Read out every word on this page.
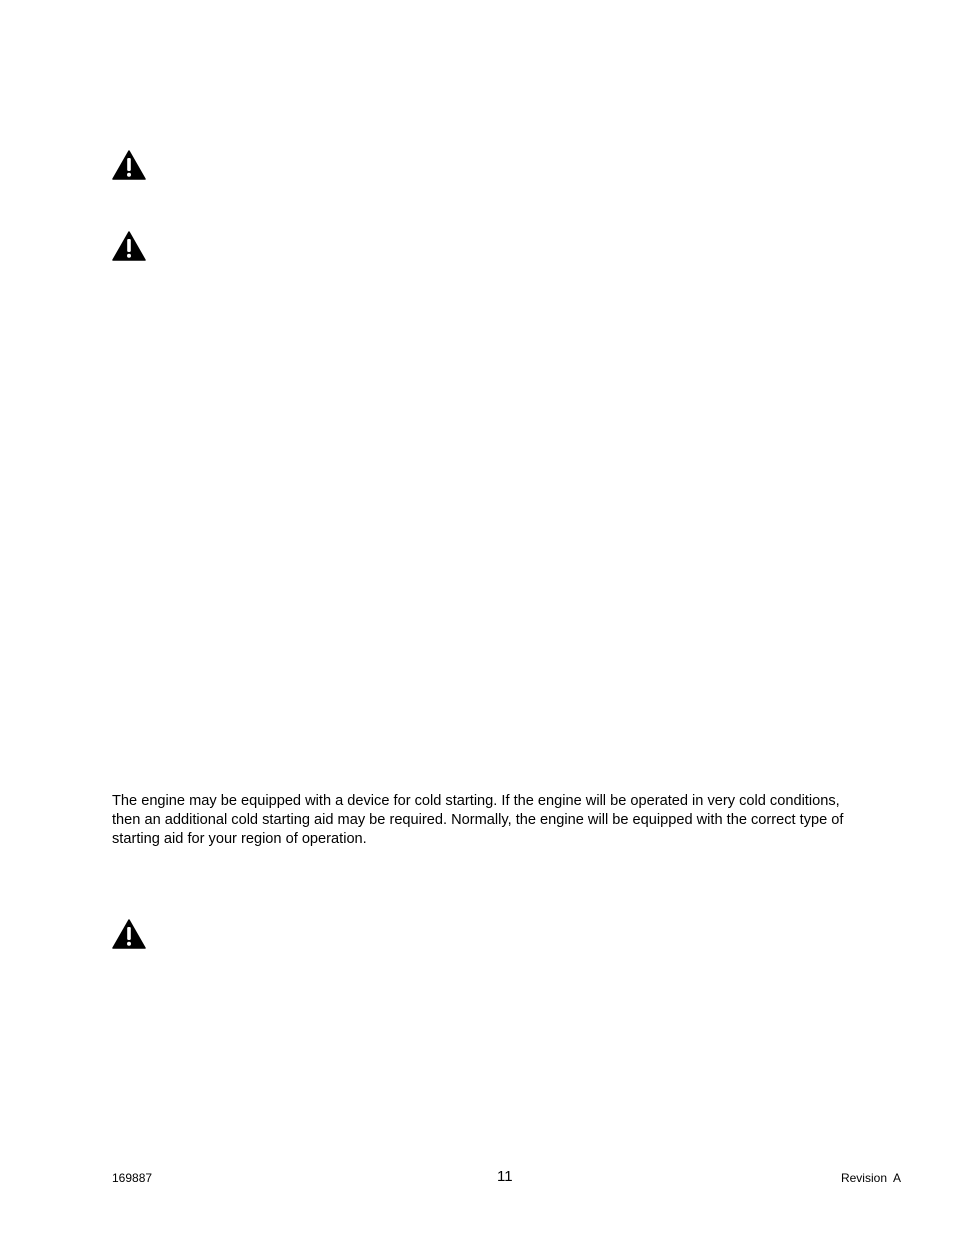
The engine may be equipped with a device for cold starting. If the engine will be operated in very cold conditions,
then an additional cold starting aid may be required. Normally, the engine will be equipped with the correct type of
starting aid for your region of operation.

169887	11	Revision  A
